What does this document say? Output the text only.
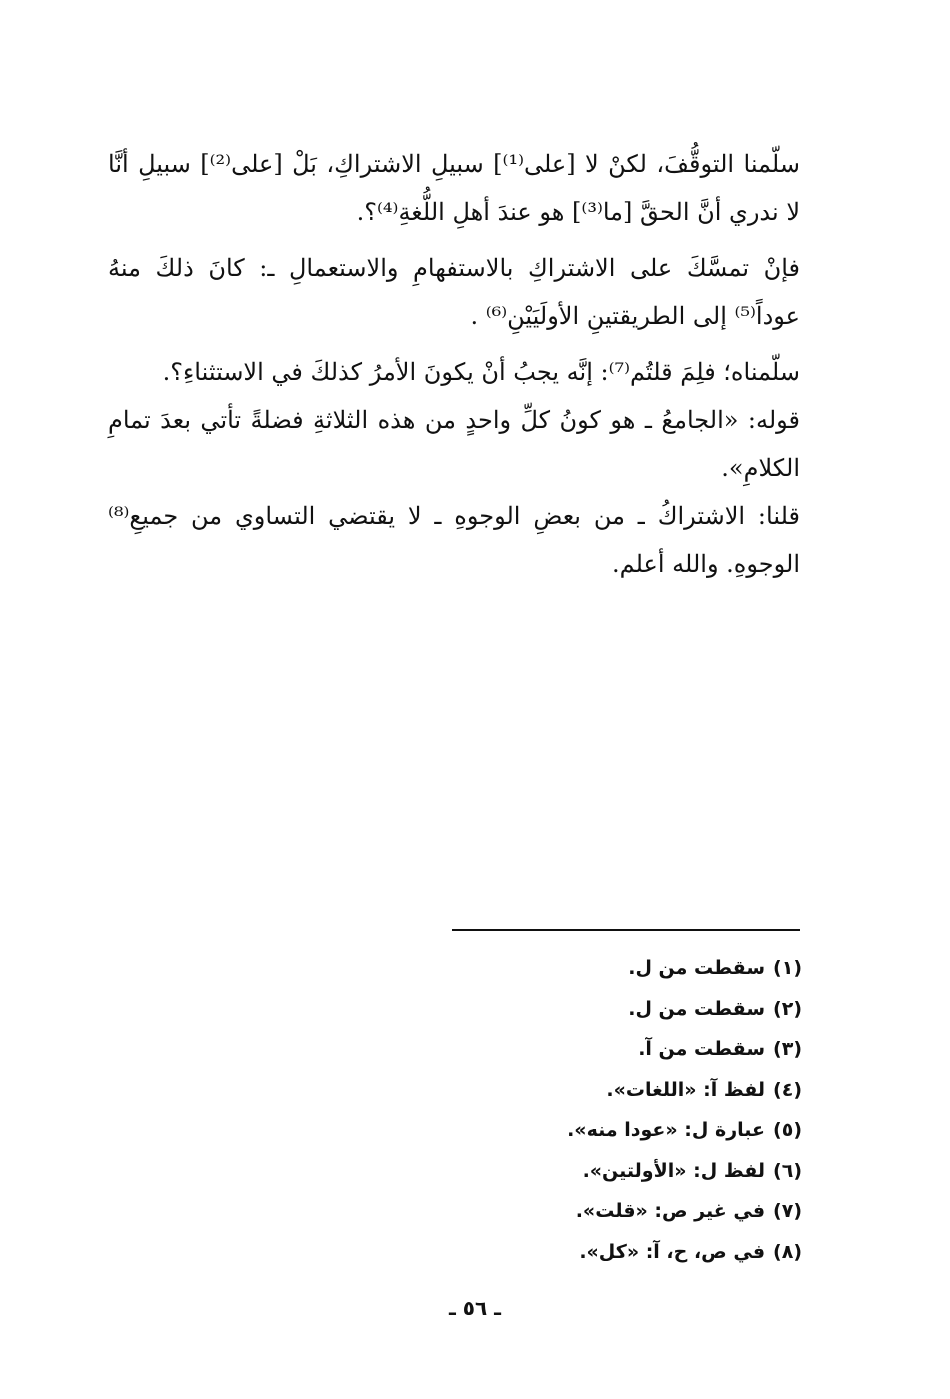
سلّمنا التوقُّفَ، لكنْ لا [على⁽¹⁾] سبيلِ الاشتراكِ، بَلْ [على⁽²⁾] سبيلِ أنَّا لا ندري أنَّ الحقَّ [ما⁽³⁾] هو عندَ أهلِ اللُّغةِ⁽⁴⁾؟.

فإنْ تمسَّكَ على الاشتراكِ بالاستفهامِ والاستعمالِ ـ: كانَ ذلكَ منهُ عوداً⁽⁵⁾ إلى الطريقتينِ الأولَيَيْنِ⁽⁶⁾ .

سلّمناه؛ فلِمَ قلتُم⁽⁷⁾: إنَّه يجبُ أنْ يكونَ الأمرُ كذلكَ في الاستثناءِ؟.

قوله: «الجامعُ ـ هو كونُ كلِّ واحدٍ من هذه الثلاثةِ فضلةً تأتي بعدَ تمامِ الكلامِ».

قلنا: الاشتراكُ ـ من بعضِ الوجوهِ ـ لا يقتضي التساوي من جميعِ⁽⁸⁾ الوجوهِ. والله أعلم.

(١)سقطت من ل.
(٢)سقطت من ل.
(٣)سقطت من آ.
(٤)لفظ آ: «اللغات».
(٥)عبارة ل: «عودا منه».
(٦)لفظ ل: «الأولتين».
(٧)في غير ص: «قلت».
(٨)في ص، ح، آ: «كل».
ـ ٥٦ ـ
